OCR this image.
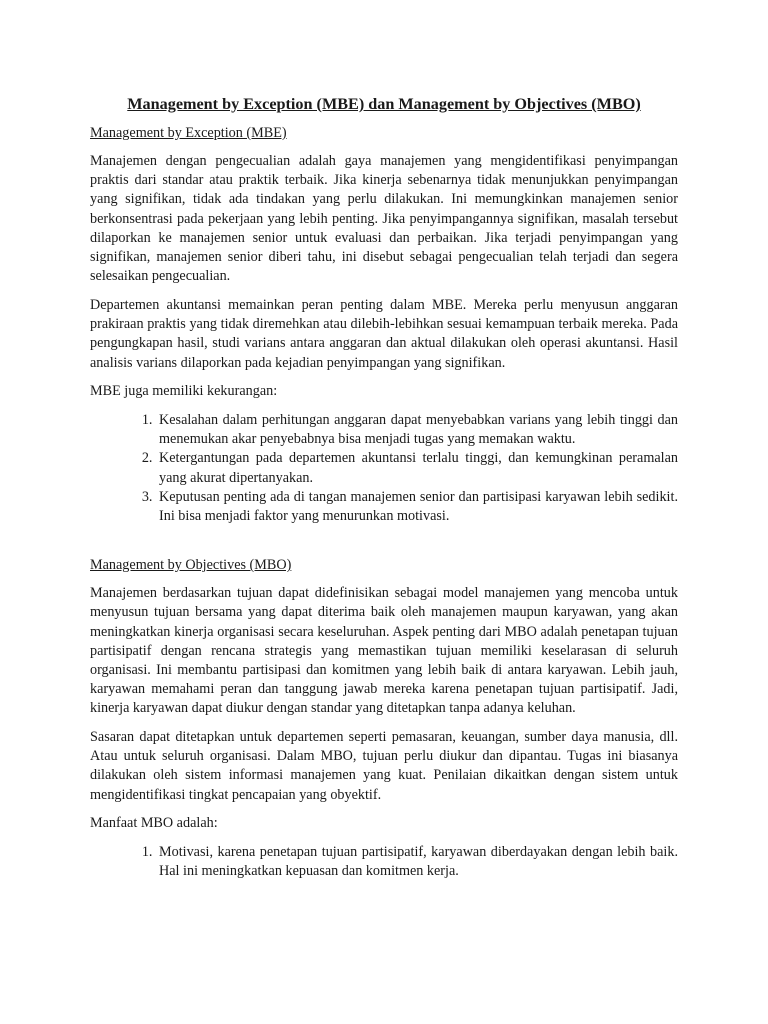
Management by Exception (MBE) dan Management by Objectives (MBO)
Management by Exception (MBE)

Manajemen dengan pengecualian adalah gaya manajemen yang mengidentifikasi penyimpangan praktis dari standar atau praktik terbaik. Jika kinerja sebenarnya tidak menunjukkan penyimpangan yang signifikan, tidak ada tindakan yang perlu dilakukan. Ini memungkinkan manajemen senior berkonsentrasi pada pekerjaan yang lebih penting. Jika penyimpangannya signifikan, masalah tersebut dilaporkan ke manajemen senior untuk evaluasi dan perbaikan. Jika terjadi penyimpangan yang signifikan, manajemen senior diberi tahu, ini disebut sebagai pengecualian telah terjadi dan segera selesaikan pengecualian.

Departemen akuntansi memainkan peran penting dalam MBE. Mereka perlu menyusun anggaran prakiraan praktis yang tidak diremehkan atau dilebih-lebihkan sesuai kemampuan terbaik mereka. Pada pengungkapan hasil, studi varians antara anggaran dan aktual dilakukan oleh operasi akuntansi. Hasil analisis varians dilaporkan pada kejadian penyimpangan yang signifikan.

MBE juga memiliki kekurangan:

1. Kesalahan dalam perhitungan anggaran dapat menyebabkan varians yang lebih tinggi dan menemukan akar penyebabnya bisa menjadi tugas yang memakan waktu.
2. Ketergantungan pada departemen akuntansi terlalu tinggi, dan kemungkinan peramalan yang akurat dipertanyakan.
3. Keputusan penting ada di tangan manajemen senior dan partisipasi karyawan lebih sedikit. Ini bisa menjadi faktor yang menurunkan motivasi.
Management by Objectives (MBO)

Manajemen berdasarkan tujuan dapat didefinisikan sebagai model manajemen yang mencoba untuk menyusun tujuan bersama yang dapat diterima baik oleh manajemen maupun karyawan, yang akan meningkatkan kinerja organisasi secara keseluruhan. Aspek penting dari MBO adalah penetapan tujuan partisipatif dengan rencana strategis yang memastikan tujuan memiliki keselarasan di seluruh organisasi. Ini membantu partisipasi dan komitmen yang lebih baik di antara karyawan. Lebih jauh, karyawan memahami peran dan tanggung jawab mereka karena penetapan tujuan partisipatif. Jadi, kinerja karyawan dapat diukur dengan standar yang ditetapkan tanpa adanya keluhan.

Sasaran dapat ditetapkan untuk departemen seperti pemasaran, keuangan, sumber daya manusia, dll. Atau untuk seluruh organisasi. Dalam MBO, tujuan perlu diukur dan dipantau. Tugas ini biasanya dilakukan oleh sistem informasi manajemen yang kuat. Penilaian dikaitkan dengan sistem untuk mengidentifikasi tingkat pencapaian yang obyektif.

Manfaat MBO adalah:

1. Motivasi, karena penetapan tujuan partisipatif, karyawan diberdayakan dengan lebih baik. Hal ini meningkatkan kepuasan dan komitmen kerja.
